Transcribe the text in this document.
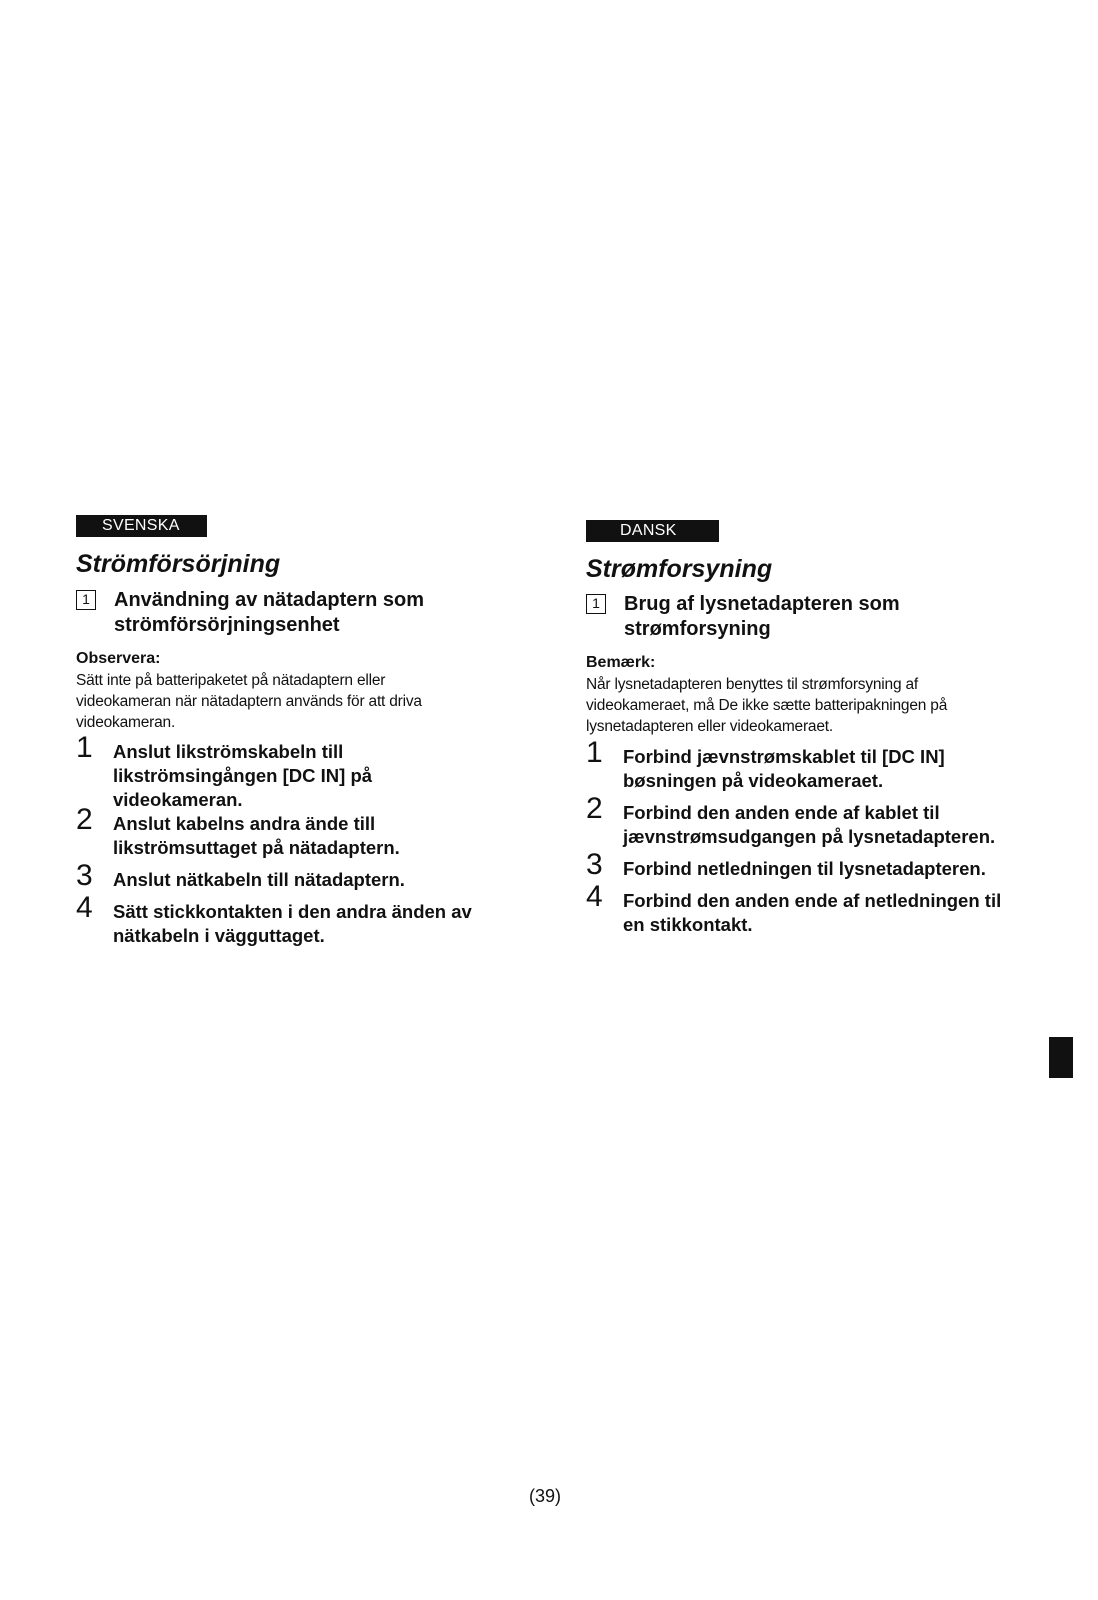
SVENSKA
Strömförsörjning
1	Användning av nätadaptern som strömförsörjningsenhet
Observera:
Sätt inte på batteripaketet på nätadaptern eller videokameran när nätadaptern används för att driva videokameran.
1 Anslut likströmskabeln till likströmsingången [DC IN] på videokameran.
2 Anslut kabelns andra ände till likströmsuttaget på nätadaptern.
3 Anslut nätkabeln till nätadaptern.
4 Sätt stickkontakten i den andra änden av nätkabeln i vägguttaget.
DANSK
Strømforsyning
1	Brug af lysnetadapteren som strømforsyning
Bemærk:
Når lysnetadapteren benyttes til strømforsyning af videokameraet, må De ikke sætte batteripakningen på lysnetadapteren eller videokameraet.
1 Forbind jævnstrømskablet til [DC IN] bøsningen på videokameraet.
2 Forbind den anden ende af kablet til jævnstrømsudgangen på lysnetadapteren.
3 Forbind netledningen til lysnetadapteren.
4 Forbind den anden ende af netledningen til en stikkontakt.
(39)
